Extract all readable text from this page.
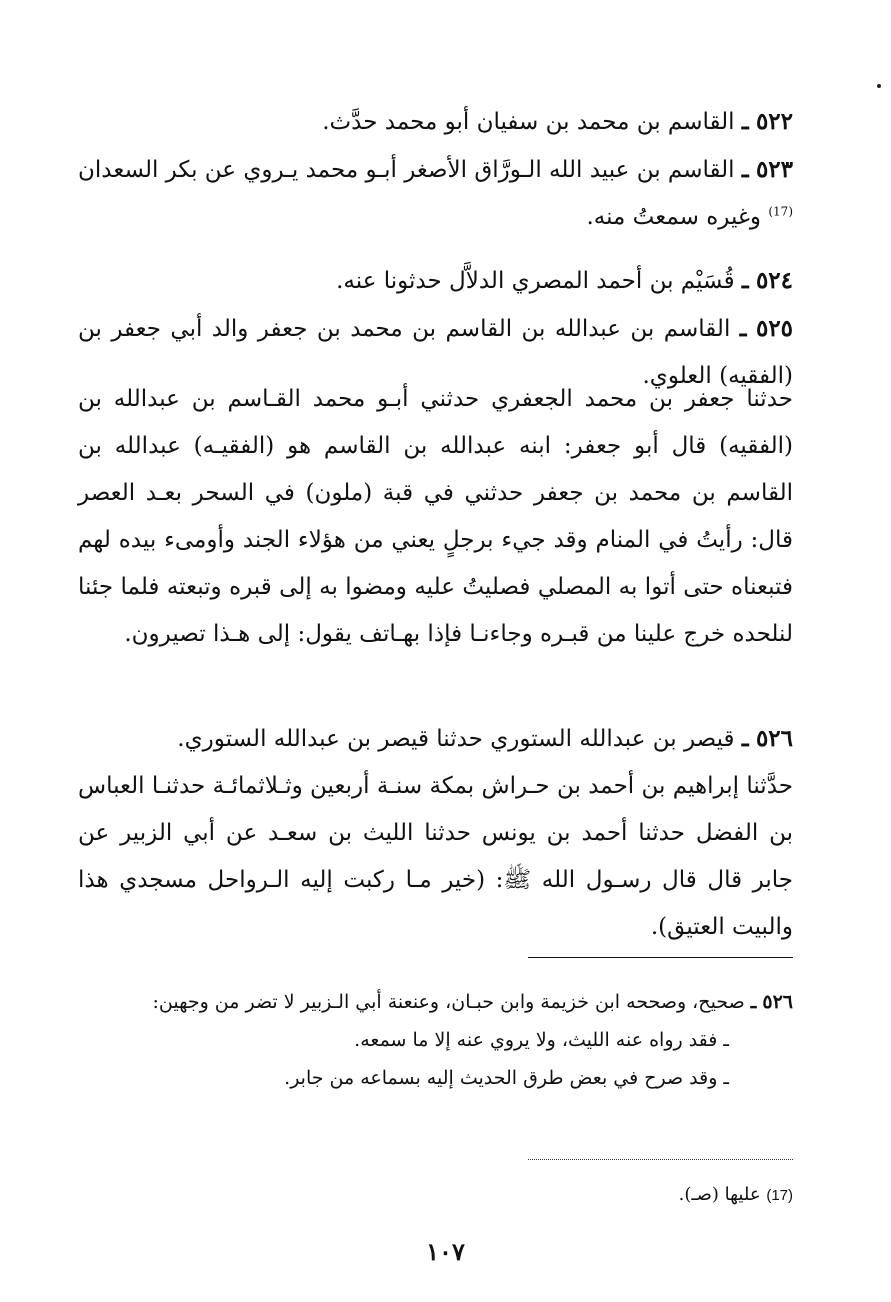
٥٢٢ ـ القاسم بن محمد بن سفيان أبو محمد حدَّث.

٥٢٣ ـ القاسم بن عبيد الله الـورَّاق الأصغر أبـو محمد يـروي عن بكر السعدان $^{(17)}$ وغيره سمعتُ منه.

٥٢٤ ـ قُسَيْم بن أحمد المصري الدلاَّل حدثونا عنه.

٥٢٥ ـ القاسم بن عبدالله بن القاسم بن محمد بن جعفر والد أبي جعفر بن (الفقيه) العلوي.

حدثنا جعفر بن محمد الجعفري حدثني أبـو محمد القـاسم بن عبدالله بن (الفقيه) قال أبو جعفر: ابنه عبدالله بن القاسم هو (الفقيـه) عبدالله بن القاسم بن محمد بن جعفر حدثني في قبة (ملون) في السحر بعـد العصر قال: رأيتُ في المنام وقد جيء برجلٍ يعني من هؤلاء الجند وأومىء بيده لهم فتبعناه حتى أتوا به المصلي فصليتُ عليه ومضوا به إلى قبره وتبعته فلما جئنا لنلحده خرج علينا من قبـره وجاءنـا فإذا بهـاتف يقول: إلى هـذا تصيرون.

٥٢٦ ـ قيصر بن عبدالله الستوري حدثنا قيصر بن عبدالله الستوري.

حدَّثنا إبراهيم بن أحمد بن حـراش بمكة سنـة أربعين وثـلاثمائـة حدثنـا العباس بن الفضل حدثنا أحمد بن يونس حدثنا الليث بن سعـد عن أبي الزبير عن جابر قال قال رسـول الله ﷺ: (خير مـا ركبت إليه الـرواحل مسجدي هذا والبيت العتيق).

٥٢٦ ـ صحيح، وصححه ابن خزيمة وابن حبـان، وعنعنة أبي الـزبير لا تضر من وجهين:

ـ فقد رواه عنه الليث، ولا يروي عنه إلا ما سمعه.

ـ وقد صرح في بعض طرق الحديث إليه بسماعه من جابر.

(17) عليها (صـ).
١٠٧
